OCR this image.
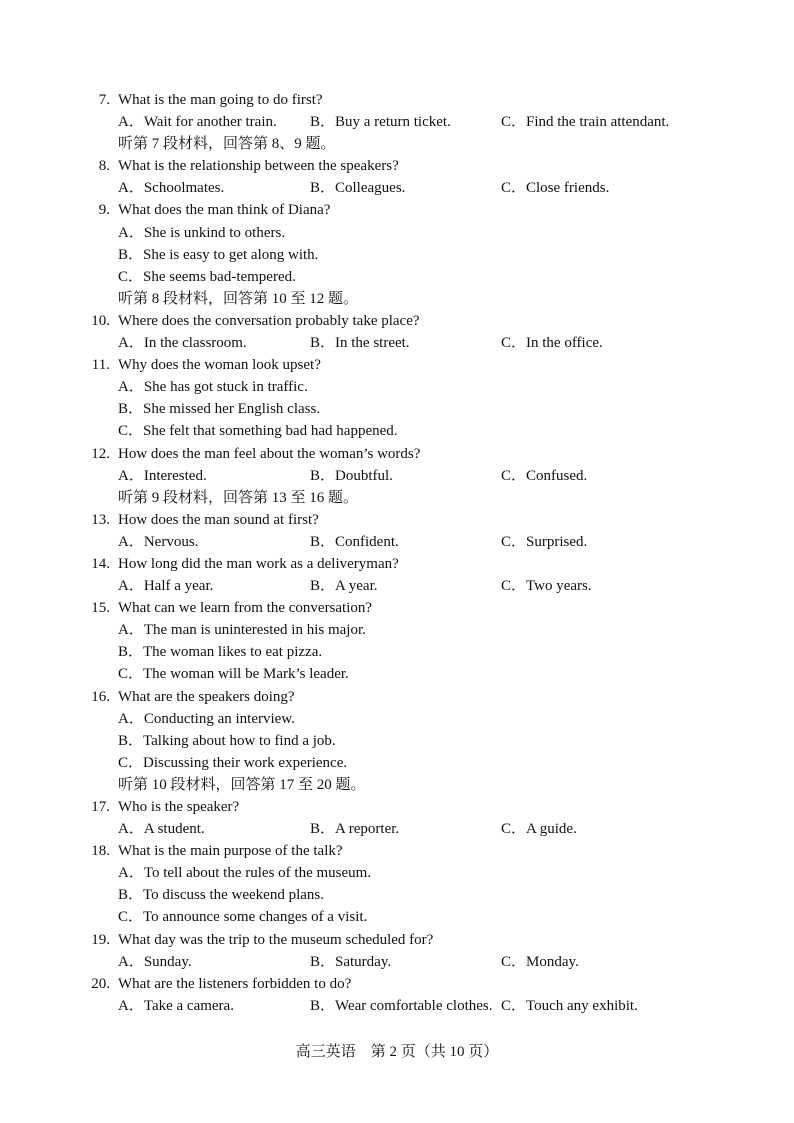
7. What is the man going to do first?
A．Wait for another train. B．Buy a return ticket.	C．Find the train attendant.
听第 7 段材料，回答第 8、9 题。
8. What is the relationship between the speakers?
A．Schoolmates.	B．Colleagues.	C．Close friends.
9. What does the man think of Diana?
A．She is unkind to others.
B．She is easy to get along with.
C．She seems bad-tempered.
听第 8 段材料，回答第 10 至 12 题。
10. Where does the conversation probably take place?
A．In the classroom.	B．In the street.	C．In the office.
11. Why does the woman look upset?
A．She has got stuck in traffic.
B．She missed her English class.
C．She felt that something bad had happened.
12. How does the man feel about the woman’s words?
A．Interested.	B．Doubtful.	C．Confused.
听第 9 段材料，回答第 13 至 16 题。
13. How does the man sound at first?
A．Nervous.	B．Confident.	C．Surprised.
14. How long did the man work as a deliveryman?
A．Half a year.	B．A year.	C．Two years.
15. What can we learn from the conversation?
A．The man is uninterested in his major.
B．The woman likes to eat pizza.
C．The woman will be Mark’s leader.
16. What are the speakers doing?
A．Conducting an interview.
B．Talking about how to find a job.
C．Discussing their work experience.
听第 10 段材料，回答第 17 至 20 题。
17. Who is the speaker?
A．A student.	B．A reporter.	C．A guide.
18. What is the main purpose of the talk?
A．To tell about the rules of the museum.
B．To discuss the weekend plans.
C．To announce some changes of a visit.
19. What day was the trip to the museum scheduled for?
A．Sunday.	B．Saturday.	C．Monday.
20. What are the listeners forbidden to do?
A．Take a camera.	B．Wear comfortable clothes. C．Touch any exhibit.
高三英语　第 2 页（共 10 页）
